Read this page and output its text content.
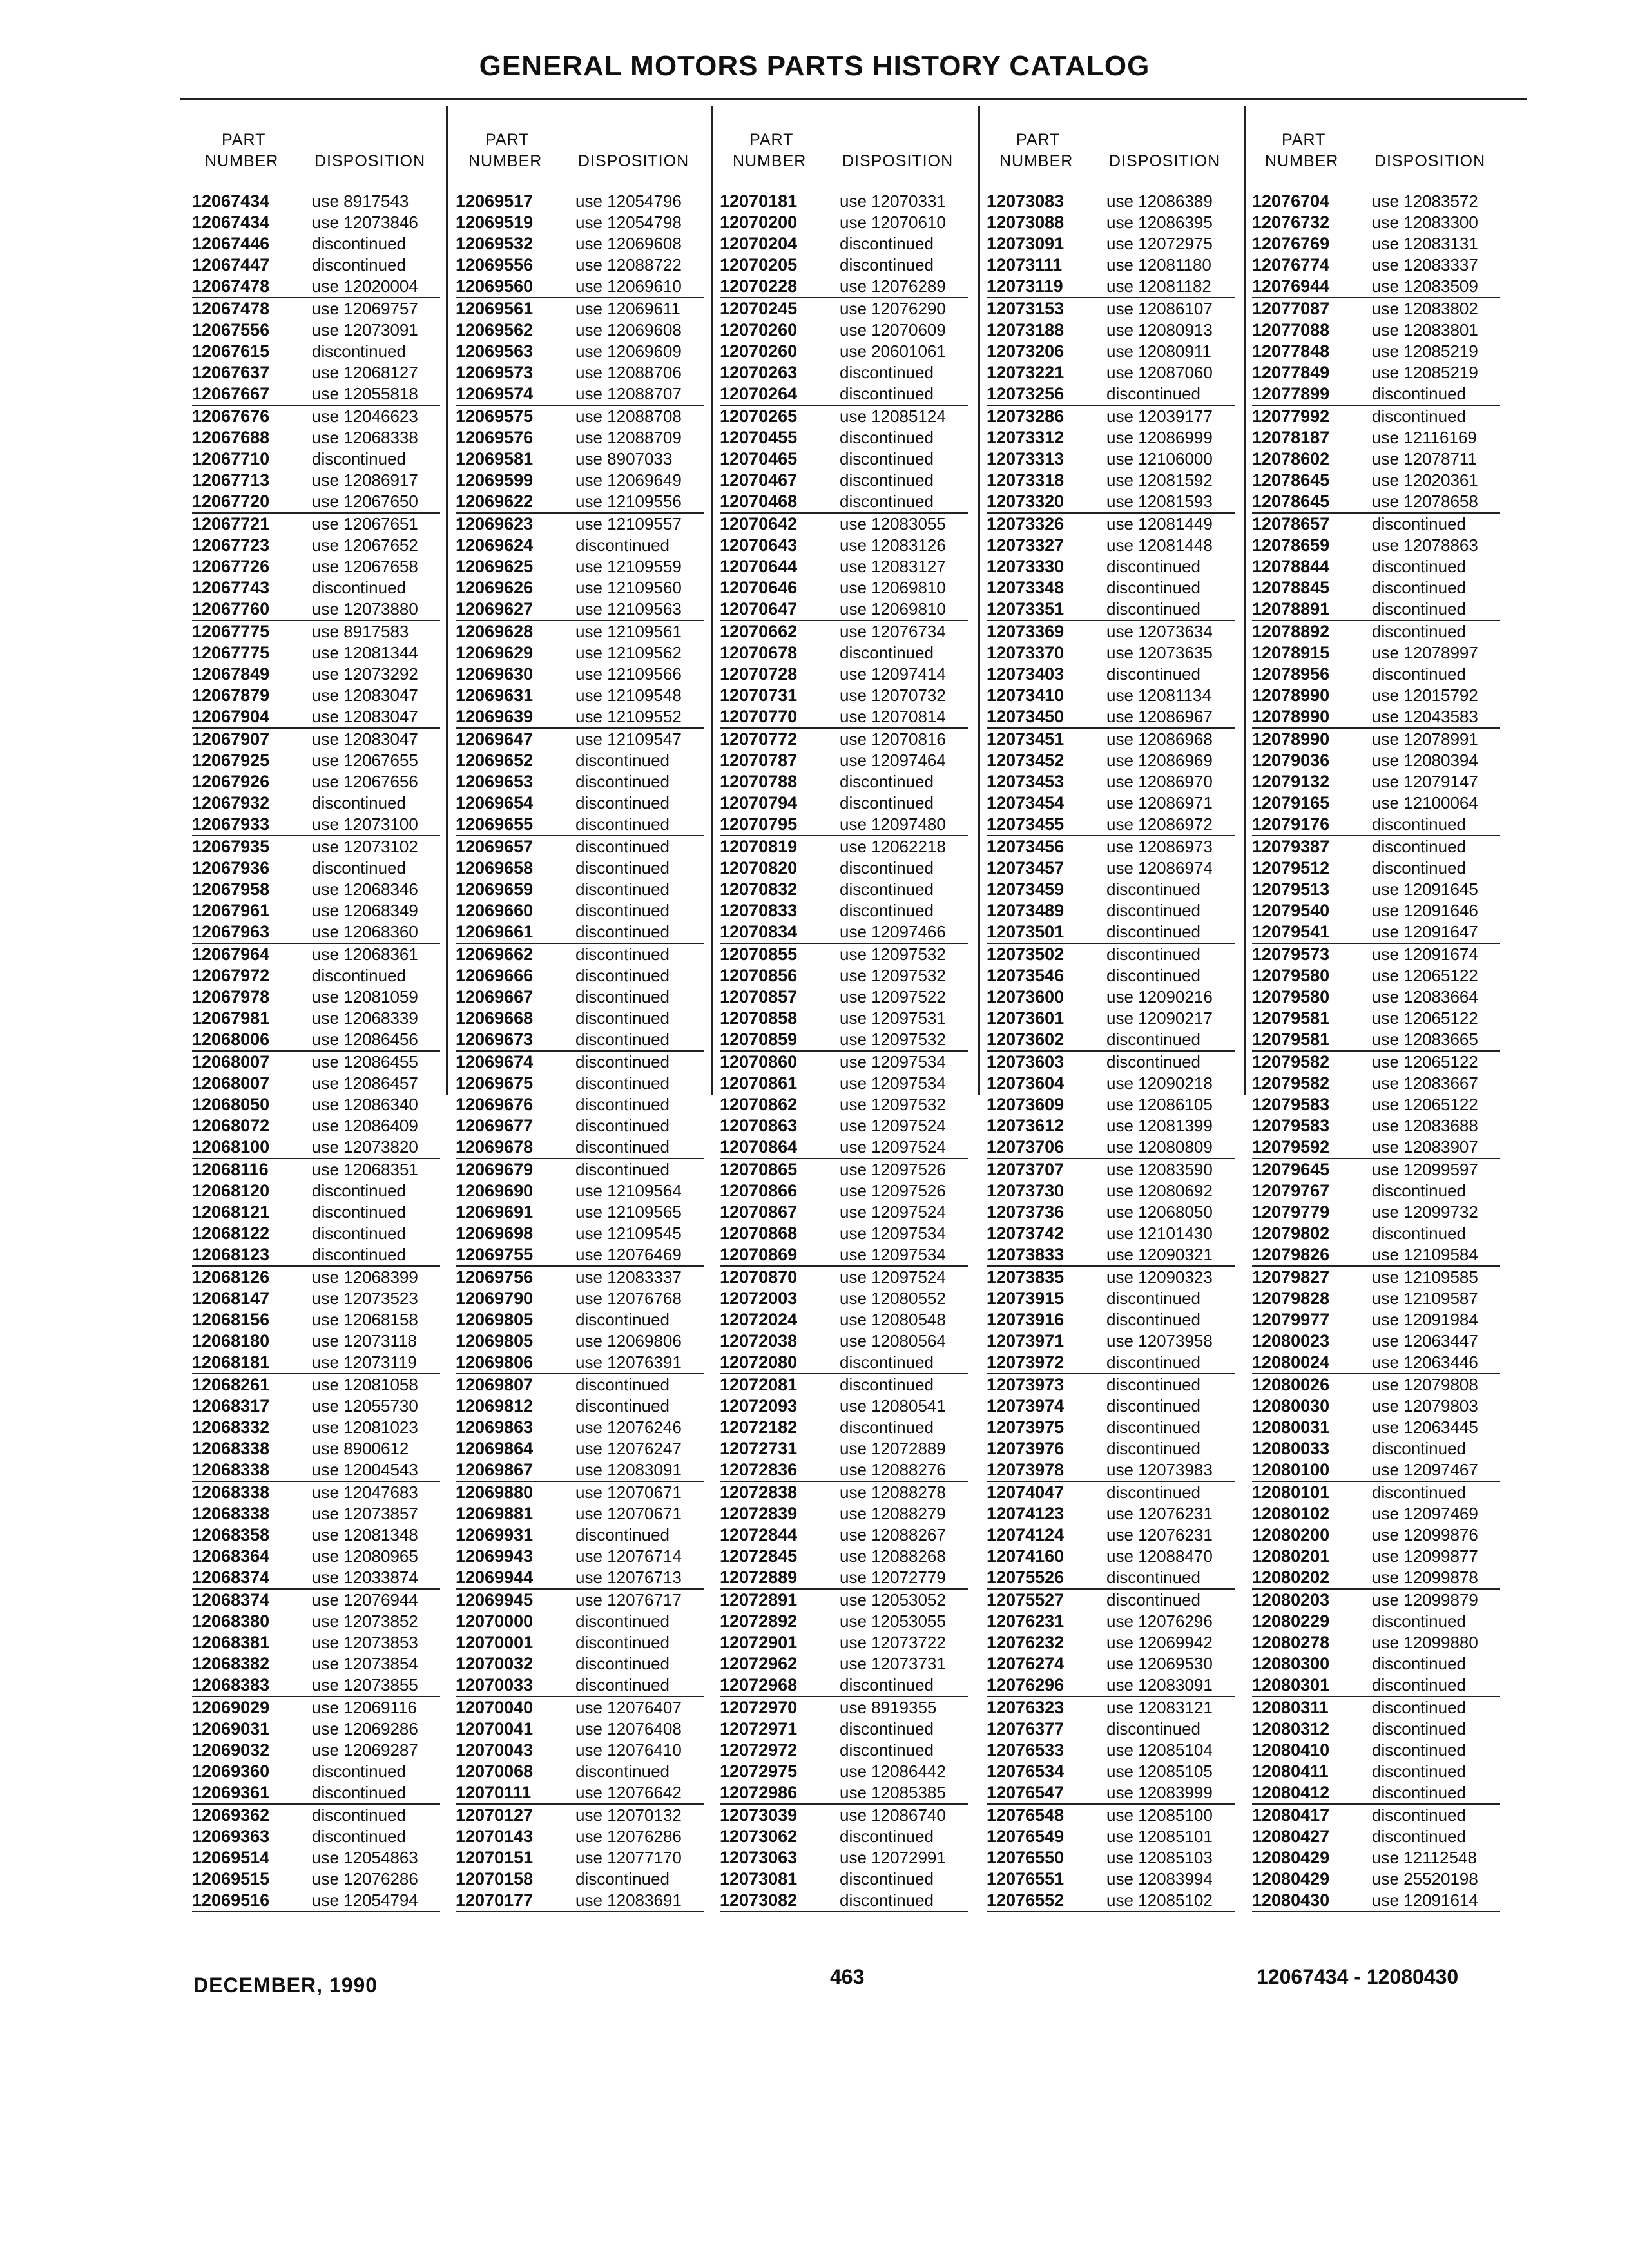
GENERAL MOTORS PARTS HISTORY CATALOG
PART
NUMBER DISPOSITION
12067434	use 8917543
12067434	use 12073846
12067446	discontinued
12067447	discontinued
12067478	use 12020004
12067478	use 12069757
12067556	use 12073091
12067615	discontinued
12067637	use 12068127
12067667	use 12055818
12067676	use 12046623
12067688	use 12068338
12067710	discontinued
12067713	use 12086917
12067720	use 12067650
12067721	use 12067651
12067723	use 12067652
12067726	use 12067658
12067743	discontinued
12067760	use 12073880
12067775	use 8917583
12067775	use 12081344
12067849	use 12073292
12067879	use 12083047
12067904	use 12083047
12067907	use 12083047
12067925	use 12067655
12067926	use 12067656
12067932	discontinued
12067933	use 12073100
12067935	use 12073102
12067936	discontinued
12067958	use 12068346
12067961	use 12068349
12067963	use 12068360
12067964	use 12068361
12067972	discontinued
12067978	use 12081059
12067981	use 12068339
12068006	use 12086456
12068007	use 12086455
12068007	use 12086457
12068050	use 12086340
12068072	use 12086409
12068100	use 12073820
12068116	use 12068351
12068120	discontinued
12068121	discontinued
12068122	discontinued
12068123	discontinued
12068126	use 12068399
12068147	use 12073523
12068156	use 12068158
12068180	use 12073118
12068181	use 12073119
12068261	use 12081058
12068317	use 12055730
12068332	use 12081023
12068338	use 8900612
12068338	use 12004543
12068338	use 12047683
12068338	use 12073857
12068358	use 12081348
12068364	use 12080965
12068374	use 12033874
12068374	use 12076944
12068380	use 12073852
12068381	use 12073853
12068382	use 12073854
12068383	use 12073855
12069029	use 12069116
12069031	use 12069286
12069032	use 12069287
12069360	discontinued
12069361	discontinued
12069362	discontinued
12069363	discontinued
12069514	use 12054863
12069515	use 12076286
12069516	use 12054794
PART
NUMBER DISPOSITION
12069517	use 12054796
12069519	use 12054798
12069532	use 12069608
12069556	use 12088722
12069560	use 12069610
12069561	use 12069611
12069562	use 12069608
12069563	use 12069609
12069573	use 12088706
12069574	use 12088707
12069575	use 12088708
12069576	use 12088709
12069581	use 8907033
12069599	use 12069649
12069622	use 12109556
12069623	use 12109557
12069624	discontinued
12069625	use 12109559
12069626	use 12109560
12069627	use 12109563
12069628	use 12109561
12069629	use 12109562
12069630	use 12109566
12069631	use 12109548
12069639	use 12109552
12069647	use 12109547
12069652	discontinued
12069653	discontinued
12069654	discontinued
12069655	discontinued
12069657	discontinued
12069658	discontinued
12069659	discontinued
12069660	discontinued
12069661	discontinued
12069662	discontinued
12069666	discontinued
12069667	discontinued
12069668	discontinued
12069673	discontinued
12069674	discontinued
12069675	discontinued
12069676	discontinued
12069677	discontinued
12069678	discontinued
12069679	discontinued
12069690	use 12109564
12069691	use 12109565
12069698	use 12109545
12069755	use 12076469
12069756	use 12083337
12069790	use 12076768
12069805	discontinued
12069805	use 12069806
12069806	use 12076391
12069807	discontinued
12069812	discontinued
12069863	use 12076246
12069864	use 12076247
12069867	use 12083091
12069880	use 12070671
12069881	use 12070671
12069931	discontinued
12069943	use 12076714
12069944	use 12076713
12069945	use 12076717
12070000	discontinued
12070001	discontinued
12070032	discontinued
12070033	discontinued
12070040	use 12076407
12070041	use 12076408
12070043	use 12076410
12070068	discontinued
12070111	use 12076642
12070127	use 12070132
12070143	use 12076286
12070151	use 12077170
12070158	discontinued
12070177	use 12083691
PART
NUMBER DISPOSITION
12070181	use 12070331
12070200	use 12070610
12070204	discontinued
12070205	discontinued
12070228	use 12076289
12070245	use 12076290
12070260	use 12070609
12070260	use 20601061
12070263	discontinued
12070264	discontinued
12070265	use 12085124
12070455	discontinued
12070465	discontinued
12070467	discontinued
12070468	discontinued
12070642	use 12083055
12070643	use 12083126
12070644	use 12083127
12070646	use 12069810
12070647	use 12069810
12070662	use 12076734
12070678	discontinued
12070728	use 12097414
12070731	use 12070732
12070770	use 12070814
12070772	use 12070816
12070787	use 12097464
12070788	discontinued
12070794	discontinued
12070795	use 12097480
12070819	use 12062218
12070820	discontinued
12070832	discontinued
12070833	discontinued
12070834	use 12097466
12070855	use 12097532
12070856	use 12097532
12070857	use 12097522
12070858	use 12097531
12070859	use 12097532
12070860	use 12097534
12070861	use 12097534
12070862	use 12097532
12070863	use 12097524
12070864	use 12097524
12070865	use 12097526
12070866	use 12097526
12070867	use 12097524
12070868	use 12097534
12070869	use 12097534
12070870	use 12097524
12072003	use 12080552
12072024	use 12080548
12072038	use 12080564
12072080	discontinued
12072081	discontinued
12072093	use 12080541
12072182	discontinued
12072731	use 12072889
12072836	use 12088276
12072838	use 12088278
12072839	use 12088279
12072844	use 12088267
12072845	use 12088268
12072889	use 12072779
12072891	use 12053052
12072892	use 12053055
12072901	use 12073722
12072962	use 12073731
12072968	discontinued
12072970	use 8919355
12072971	discontinued
12072972	discontinued
12072975	use 12086442
12072986	use 12085385
12073039	use 12086740
12073062	discontinued
12073063	use 12072991
12073081	discontinued
12073082	discontinued
PART
NUMBER DISPOSITION
12073083	use 12086389
12073088	use 12086395
12073091	use 12072975
12073111	use 12081180
12073119	use 12081182
12073153	use 12086107
12073188	use 12080913
12073206	use 12080911
12073221	use 12087060
12073256	discontinued
12073286	use 12039177
12073312	use 12086999
12073313	use 12106000
12073318	use 12081592
12073320	use 12081593
12073326	use 12081449
12073327	use 12081448
12073330	discontinued
12073348	discontinued
12073351	discontinued
12073369	use 12073634
12073370	use 12073635
12073403	discontinued
12073410	use 12081134
12073450	use 12086967
12073451	use 12086968
12073452	use 12086969
12073453	use 12086970
12073454	use 12086971
12073455	use 12086972
12073456	use 12086973
12073457	use 12086974
12073459	discontinued
12073489	discontinued
12073501	discontinued
12073502	discontinued
12073546	discontinued
12073600	use 12090216
12073601	use 12090217
12073602	discontinued
12073603	discontinued
12073604	use 12090218
12073609	use 12086105
12073612	use 12081399
12073706	use 12080809
12073707	use 12083590
12073730	use 12080692
12073736	use 12068050
12073742	use 12101430
12073833	use 12090321
12073835	use 12090323
12073915	discontinued
12073916	discontinued
12073971	use 12073958
12073972	discontinued
12073973	discontinued
12073974	discontinued
12073975	discontinued
12073976	discontinued
12073978	use 12073983
12074047	discontinued
12074123	use 12076231
12074124	use 12076231
12074160	use 12088470
12075526	discontinued
12075527	discontinued
12076231	use 12076296
12076232	use 12069942
12076274	use 12069530
12076296	use 12083091
12076323	use 12083121
12076377	discontinued
12076533	use 12085104
12076534	use 12085105
12076547	use 12083999
12076548	use 12085100
12076549	use 12085101
12076550	use 12085103
12076551	use 12083994
12076552	use 12085102
PART
NUMBER DISPOSITION
12076704	use 12083572
12076732	use 12083300
12076769	use 12083131
12076774	use 12083337
12076944	use 12083509
12077087	use 12083802
12077088	use 12083801
12077848	use 12085219
12077849	use 12085219
12077899	discontinued
12077992	discontinued
12078187	use 12116169
12078602	use 12078711
12078645	use 12020361
12078645	use 12078658
12078657	discontinued
12078659	use 12078863
12078844	discontinued
12078845	discontinued
12078891	discontinued
12078892	discontinued
12078915	use 12078997
12078956	discontinued
12078990	use 12015792
12078990	use 12043583
12078990	use 12078991
12079036	use 12080394
12079132	use 12079147
12079165	use 12100064
12079176	discontinued
12079387	discontinued
12079512	discontinued
12079513	use 12091645
12079540	use 12091646
12079541	use 12091647
12079573	use 12091674
12079580	use 12065122
12079580	use 12083664
12079581	use 12065122
12079581	use 12083665
12079582	use 12065122
12079582	use 12083667
12079583	use 12065122
12079583	use 12083688
12079592	use 12083907
12079645	use 12099597
12079767	discontinued
12079779	use 12099732
12079802	discontinued
12079826	use 12109584
12079827	use 12109585
12079828	use 12109587
12079977	use 12091984
12080023	use 12063447
12080024	use 12063446
12080026	use 12079808
12080030	use 12079803
12080031	use 12063445
12080033	discontinued
12080100	use 12097467
12080101	discontinued
12080102	use 12097469
12080200	use 12099876
12080201	use 12099877
12080202	use 12099878
12080203	use 12099879
12080229	discontinued
12080278	use 12099880
12080300	discontinued
12080301	discontinued
12080311	discontinued
12080312	discontinued
12080410	discontinued
12080411	discontinued
12080412	discontinued
12080417	discontinued
12080427	discontinued
12080429	use 12112548
12080429	use 25520198
12080430	use 12091614
DECEMBER, 1990	463	12067434 - 12080430
